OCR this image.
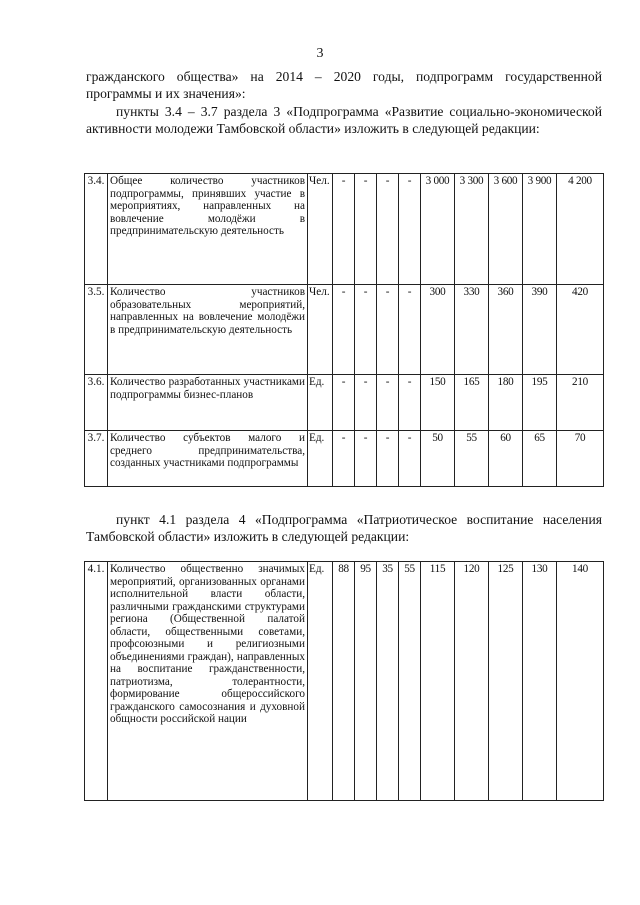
3
гражданского общества» на 2014 – 2020 годы, подпрограмм государственной программы и их значения»:
пункты 3.4 – 3.7 раздела 3 «Подпрограмма «Развитие социально-экономической активности молодежи Тамбовской области» изложить в следующей редакции:
3.4.	Общее количество участников подпрограммы, принявших участие в мероприятиях, направленных на вовлечение молодёжи в предпринимательскую деятельность	Чел.	-	-	-	-	3 000	3 300	3 600	3 900	4 200
3.5.	Количество участников образовательных мероприятий, направленных на вовлечение молодёжи в предпринимательскую деятельность	Чел.	-	-	-	-	300	330	360	390	420
3.6.	Количество разработанных участниками подпрограммы бизнес-планов	Ед.	-	-	-	-	150	165	180	195	210
3.7.	Количество субъектов малого и среднего предпринимательства, созданных участниками подпрограммы	Ед.	-	-	-	-	50	55	60	65	70
пункт 4.1 раздела 4 «Подпрограмма «Патриотическое воспитание населения Тамбовской области» изложить в следующей редакции:
4.1.	Количество общественно значимых мероприятий, организованных органами исполнительной власти области, различными гражданскими структурами региона (Общественной палатой области, общественными советами, профсоюзными и религиозными объединениями граждан), направленных на воспитание гражданственности, патриотизма, толерантности, формирование общероссийского гражданского самосознания и духовной общности российской нации	Ед.	88	95	35	55	115	120	125	130	140
